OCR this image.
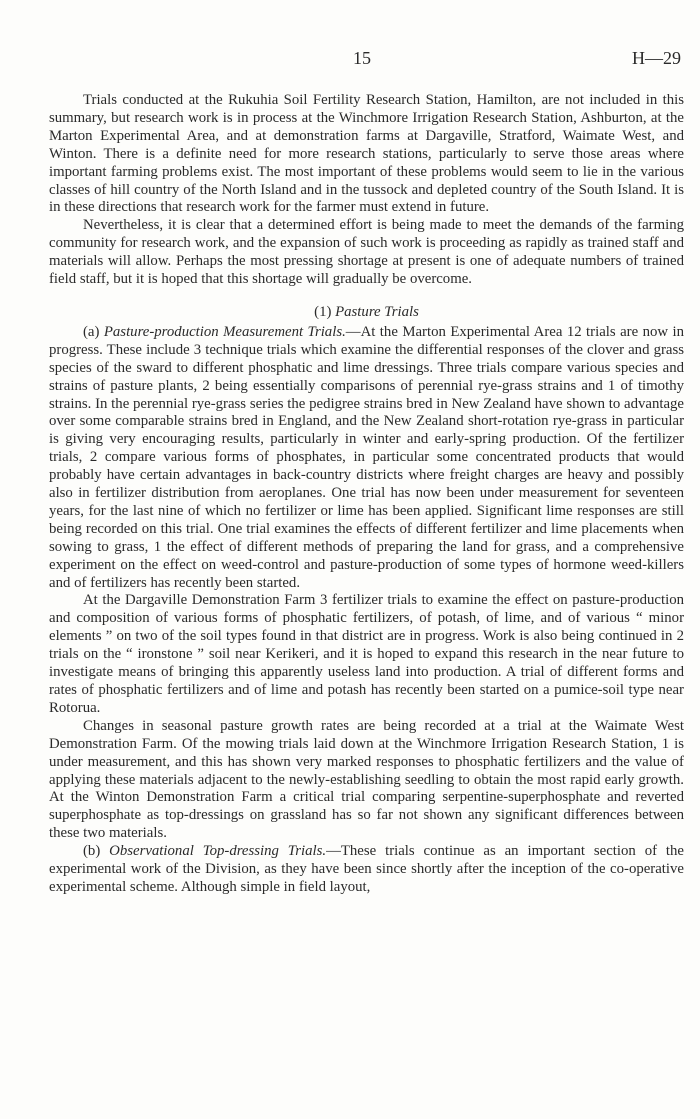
15	H—29

Trials conducted at the Rukuhia Soil Fertility Research Station, Hamilton, are not included in this summary, but research work is in process at the Winchmore Irrigation Research Station, Ashburton, at the Marton Experimental Area, and at demonstration farms at Dargaville, Stratford, Waimate West, and Winton. There is a definite need for more research stations, particularly to serve those areas where important farming problems exist. The most important of these problems would seem to lie in the various classes of hill country of the North Island and in the tussock and depleted country of the South Island. It is in these directions that research work for the farmer must extend in future.

Nevertheless, it is clear that a determined effort is being made to meet the demands of the farming community for research work, and the expansion of such work is proceeding as rapidly as trained staff and materials will allow. Perhaps the most pressing shortage at present is one of adequate numbers of trained field staff, but it is hoped that this shortage will gradually be overcome.

(1) Pasture Trials

(a) Pasture-production Measurement Trials.—At the Marton Experimental Area 12 trials are now in progress. These include 3 technique trials which examine the differential responses of the clover and grass species of the sward to different phosphatic and lime dressings. Three trials compare various species and strains of pasture plants, 2 being essentially comparisons of perennial rye-grass strains and 1 of timothy strains. In the perennial rye-grass series the pedigree strains bred in New Zealand have shown to advantage over some comparable strains bred in England, and the New Zealand short-rotation rye-grass in particular is giving very encouraging results, particularly in winter and early-spring production. Of the fertilizer trials, 2 compare various forms of phosphates, in particular some concentrated products that would probably have certain advantages in back-country districts where freight charges are heavy and possibly also in fertilizer distribution from aeroplanes. One trial has now been under measurement for seventeen years, for the last nine of which no fertilizer or lime has been applied. Significant lime responses are still being recorded on this trial. One trial examines the effects of different fertilizer and lime placements when sowing to grass, 1 the effect of different methods of preparing the land for grass, and a comprehensive experiment on the effect on weed-control and pasture-production of some types of hormone weed-killers and of fertilizers has recently been started.

At the Dargaville Demonstration Farm 3 fertilizer trials to examine the effect on pasture-production and composition of various forms of phosphatic fertilizers, of potash, of lime, and of various “ minor elements ” on two of the soil types found in that district are in progress. Work is also being continued in 2 trials on the “ ironstone ” soil near Kerikeri, and it is hoped to expand this research in the near future to investigate means of bringing this apparently useless land into production. A trial of different forms and rates of phosphatic fertilizers and of lime and potash has recently been started on a pumice-soil type near Rotorua.

Changes in seasonal pasture growth rates are being recorded at a trial at the Waimate West Demonstration Farm. Of the mowing trials laid down at the Winchmore Irrigation Research Station, 1 is under measurement, and this has shown very marked responses to phosphatic fertilizers and the value of applying these materials adjacent to the newly-establishing seedling to obtain the most rapid early growth. At the Winton Demonstration Farm a critical trial comparing serpentine-superphosphate and reverted superphosphate as top-dressings on grassland has so far not shown any significant differences between these two materials.

(b) Observational Top-dressing Trials.—These trials continue as an important section of the experimental work of the Division, as they have been since shortly after the inception of the co-operative experimental scheme. Although simple in field layout,
